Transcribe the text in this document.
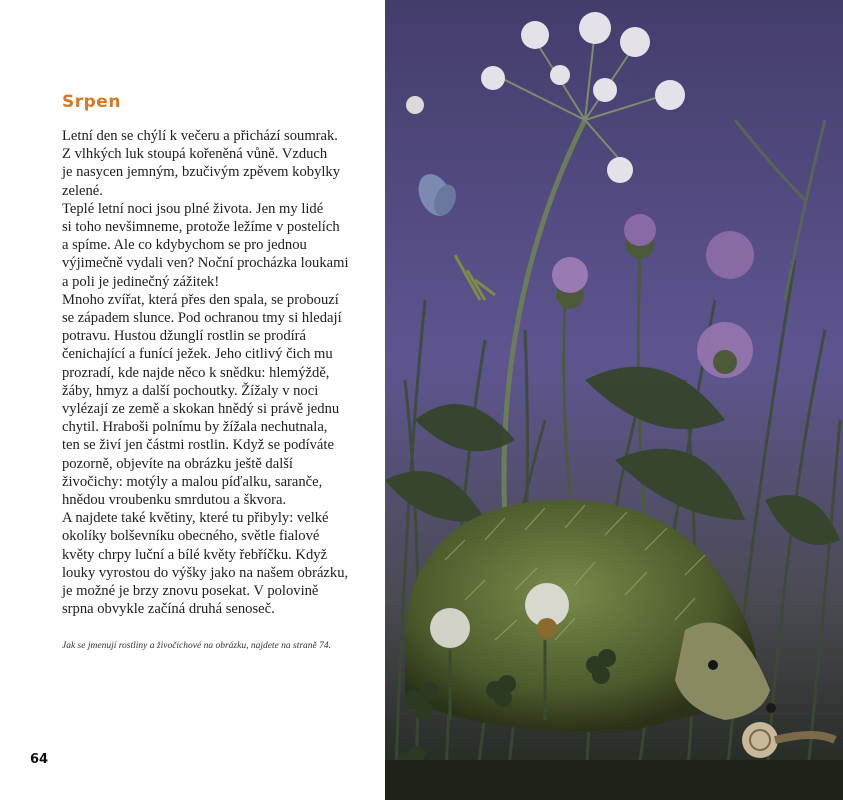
Srpen

Letní den se chýlí k večeru a přichází soumrak.

Z vlhkých luk stoupá kořeněná vůně. Vzduch

je nasycen jemným, bzučivým zpěvem kobylky

zelené.

Teplé letní noci jsou plné života. Jen my lidé

si toho nevšimneme, protože ležíme v postelích

a spíme. Ale co kdybychom se pro jednou

výjimečně vydali ven? Noční procházka loukami

a poli je jedinečný zážitek!

Mnoho zvířat, která přes den spala, se probouzí

se západem slunce. Pod ochranou tmy si hledají

potravu. Hustou džunglí rostlin se prodírá

čenichající a funící ježek. Jeho citlivý čich mu

prozradí, kde najde něco k snědku: hlemýždě,

žáby, hmyz a další pochoutky. Žížaly v noci

vylézají ze země a skokan hnědý si právě jednu

chytil. Hraboši polnímu by žížala nechutnala,

ten se živí jen částmi rostlin. Když se podíváte

pozorně, objevíte na obrázku ještě další

živočichy: motýly a malou píďalku, saranče,

hnědou vroubenku smrdutou a škvora.

A najdete také květiny, které tu přibyly: velké

okolíky bolševníku obecného, světle fialové

květy chrpy luční a bílé květy řebříčku. Když

louky vyrostou do výšky jako na našem obrázku,

je možné je brzy znovu posekat. V polovině

srpna obvykle začíná druhá senoseč.

Jak se jmenují rostliny a živočichové na obrázku, najdete na straně 74.
64
